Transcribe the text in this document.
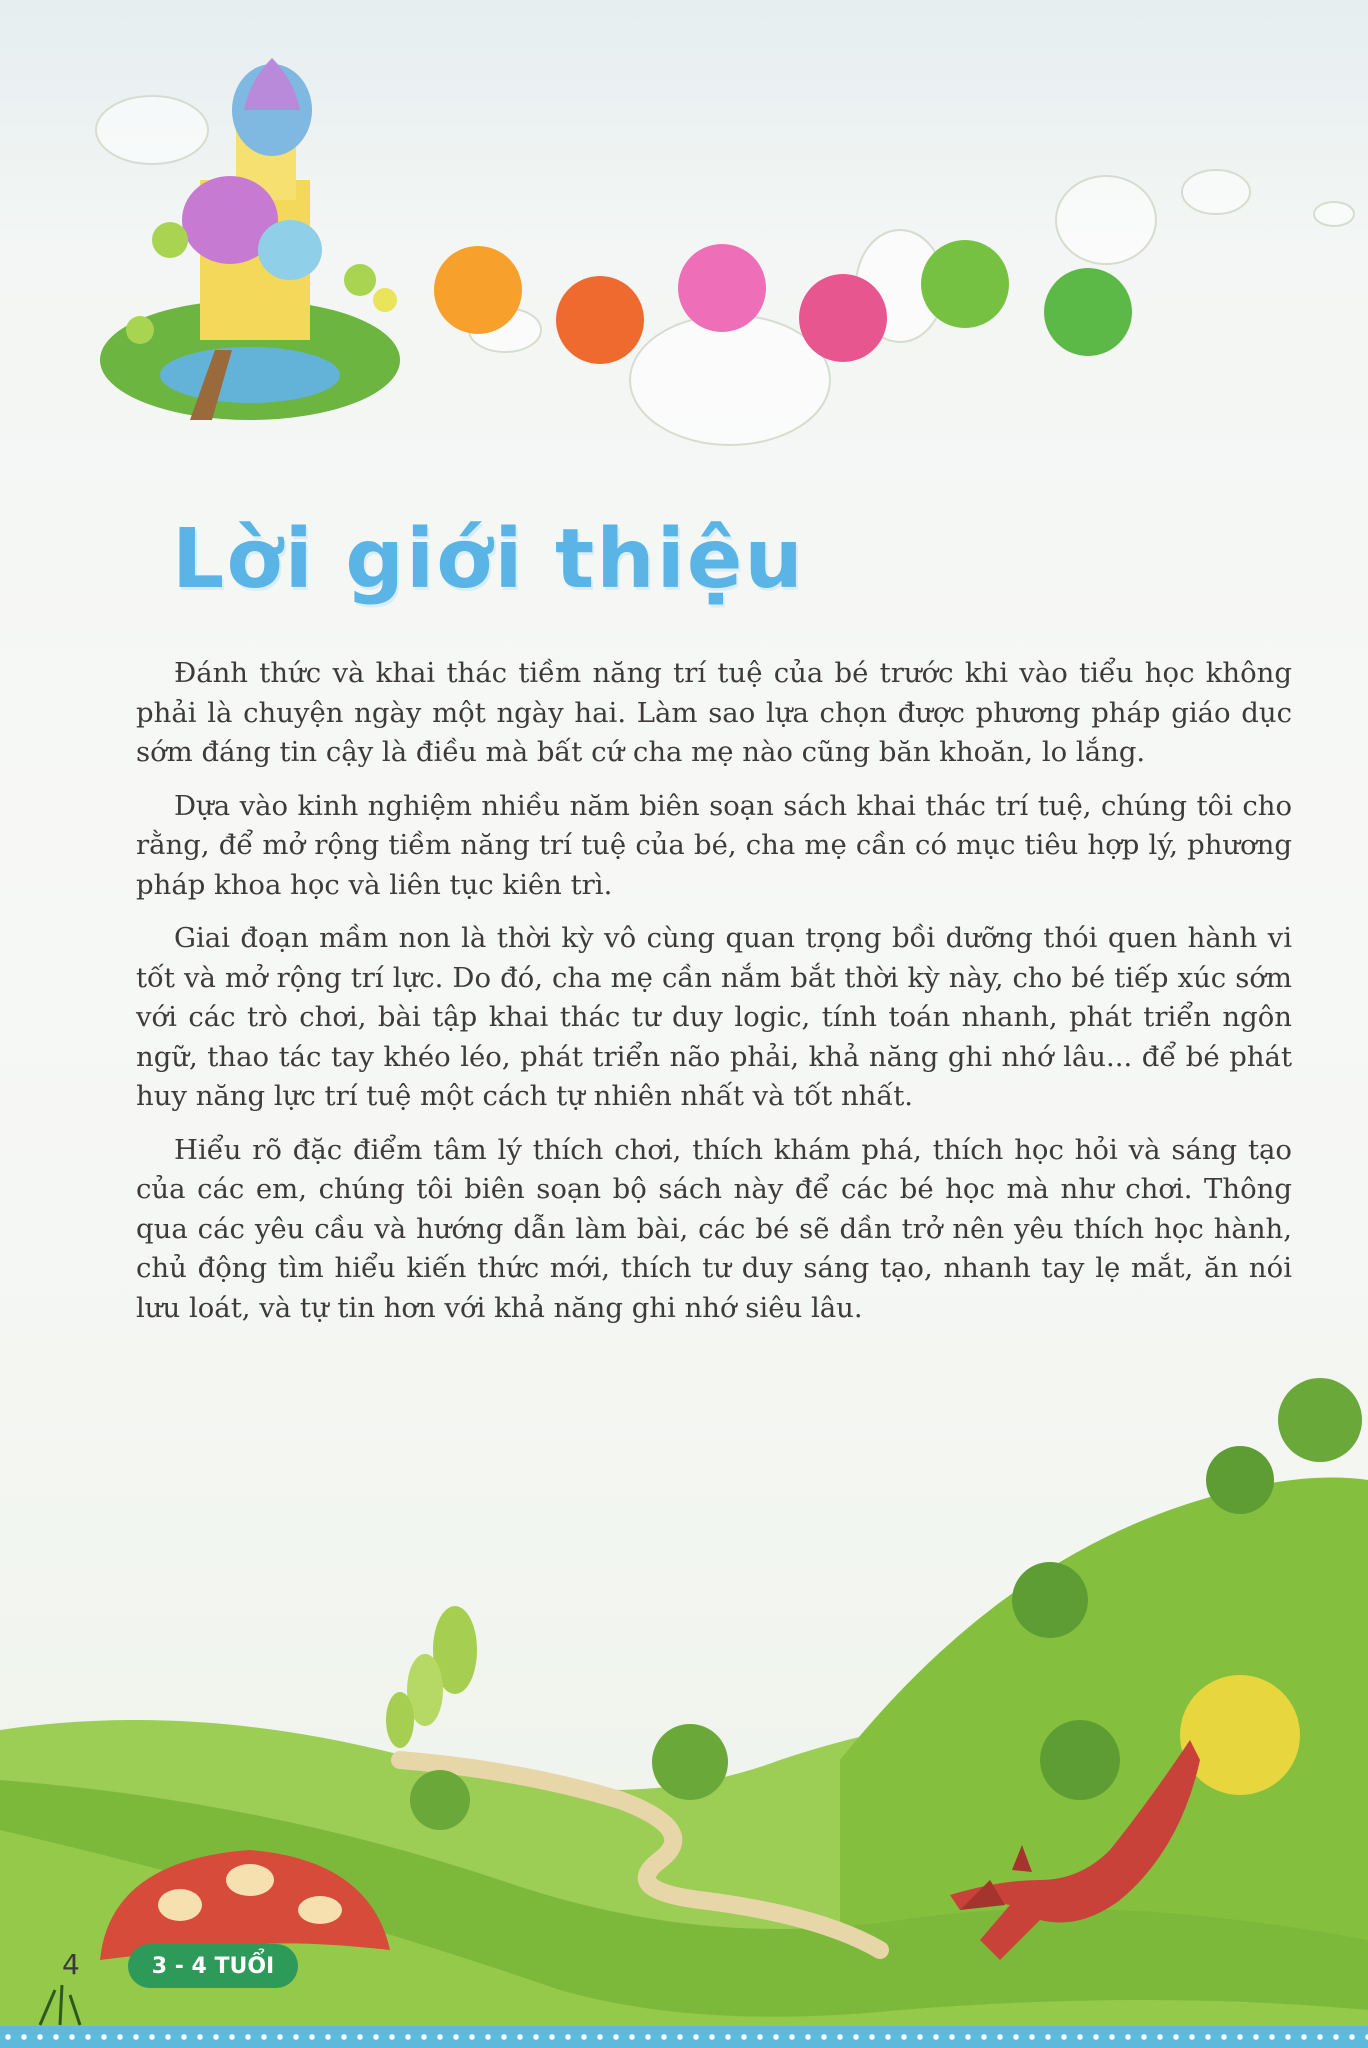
Lời giới thiệu

Đánh thức và khai thác tiềm năng trí tuệ của bé trước khi vào tiểu học không phải là chuyện ngày một ngày hai. Làm sao lựa chọn được phương pháp giáo dục sớm đáng tin cậy là điều mà bất cứ cha mẹ nào cũng băn khoăn, lo lắng.

Dựa vào kinh nghiệm nhiều năm biên soạn sách khai thác trí tuệ, chúng tôi cho rằng, để mở rộng tiềm năng trí tuệ của bé, cha mẹ cần có mục tiêu hợp lý, phương pháp khoa học và liên tục kiên trì.

Giai đoạn mầm non là thời kỳ vô cùng quan trọng bồi dưỡng thói quen hành vi tốt và mở rộng trí lực. Do đó, cha mẹ cần nắm bắt thời kỳ này, cho bé tiếp xúc sớm với các trò chơi, bài tập khai thác tư duy logic, tính toán nhanh, phát triển ngôn ngữ, thao tác tay khéo léo, phát triển não phải, khả năng ghi nhớ lâu... để bé phát huy năng lực trí tuệ một cách tự nhiên nhất và tốt nhất.

Hiểu rõ đặc điểm tâm lý thích chơi, thích khám phá, thích học hỏi và sáng tạo của các em, chúng tôi biên soạn bộ sách này để các bé học mà như chơi. Thông qua các yêu cầu và hướng dẫn làm bài, các bé sẽ dần trở nên yêu thích học hành, chủ động tìm hiểu kiến thức mới, thích tư duy sáng tạo, nhanh tay lẹ mắt, ăn nói lưu loát, và tự tin hơn với khả năng ghi nhớ siêu lâu.

4	3 - 4 TUỔI
